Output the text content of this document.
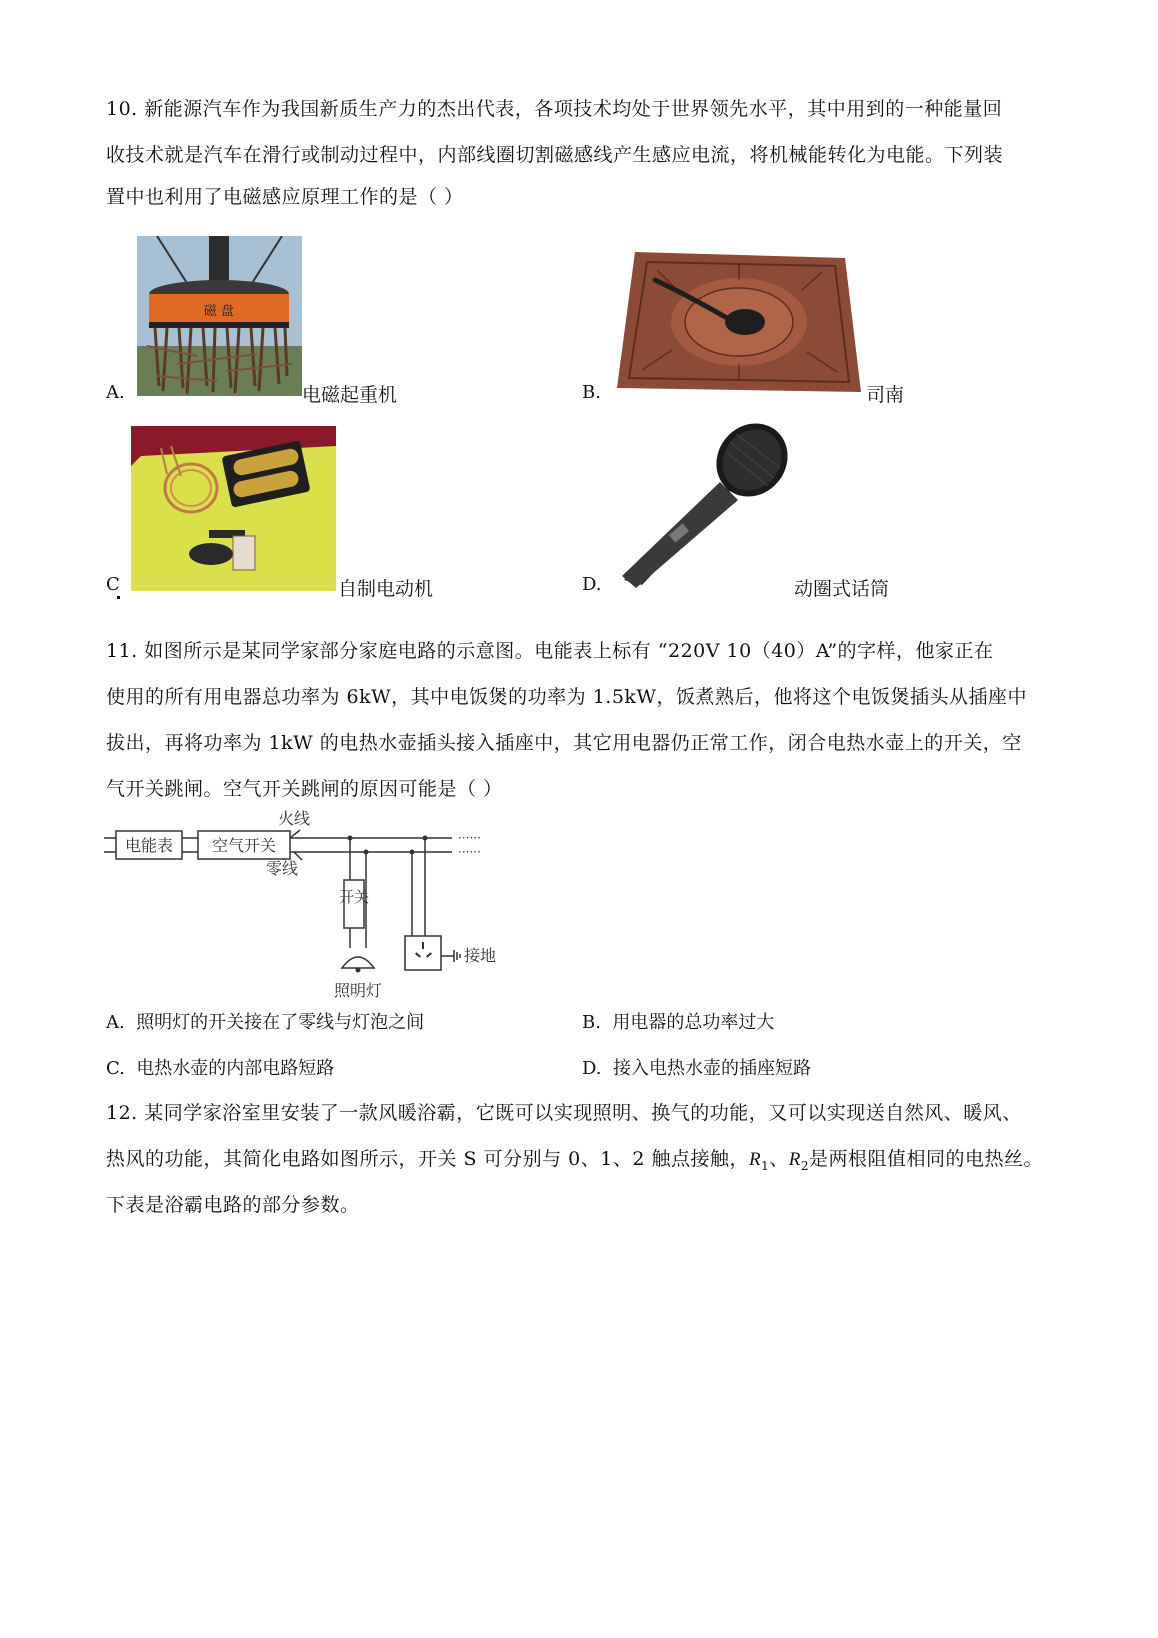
10. 新能源汽车作为我国新质生产力的杰出代表，各项技术均处于世界领先水平，其中用到的一种能量回
收技术就是汽车在滑行或制动过程中，内部线圈切割磁感线产生感应电流，将机械能转化为电能。下列装
置中也利用了电磁感应原理工作的是（ ）
A.
磁 盘
电磁起重机	B.	司南
C	自制电动机	D.	动圈式话筒
11. 如图所示是某同学家部分家庭电路的示意图。电能表上标有 “220V 10（40）A”的字样，他家正在
使用的所有用电器总功率为 6kW，其中电饭煲的功率为 1.5kW，饭煮熟后，他将这个电饭煲插头从插座中
拔出，再将功率为 1kW 的电热水壶插头接入插座中，其它用电器仍正常工作，闭合电热水壶上的开关，空
气开关跳闸。空气开关跳闸的原因可能是（ ）
电能表 空气开关
火线
零线
开关
照明灯
接地
······
······
A. 照明灯的开关接在了零线与灯泡之间	B. 用电器的总功率过大
C. 电热水壶的内部电路短路	D. 接入电热水壶的插座短路
12. 某同学家浴室里安装了一款风暖浴霸，它既可以实现照明、换气的功能，又可以实现送自然风、暖风、
热风的功能，其简化电路如图所示，开关 S 可分别与 0、1、2 触点接触，$R_1$、$R_2$是两根阻值相同的电热丝。
下表是浴霸电路的部分参数。
